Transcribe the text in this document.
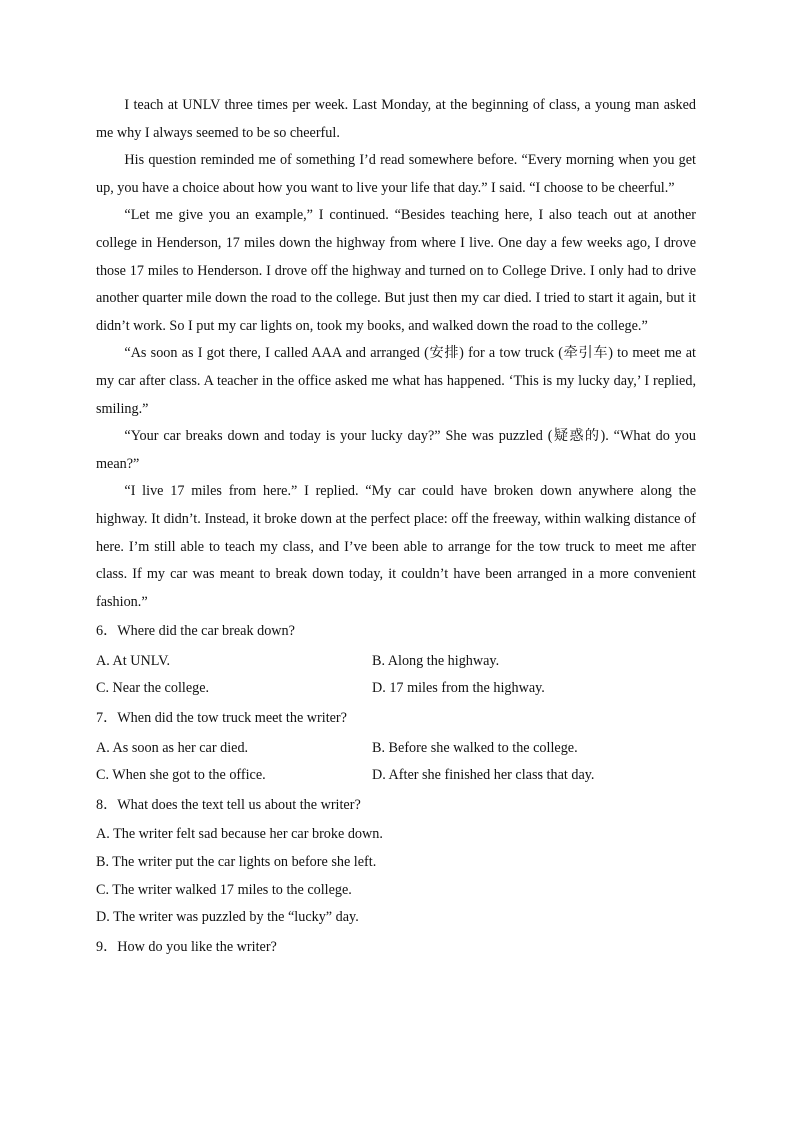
I teach at UNLV three times per week. Last Monday, at the beginning of class, a young man asked me why I always seemed to be so cheerful.

His question reminded me of something I’d read somewhere before. “Every morning when you get up, you have a choice about how you want to live your life that day.” I said. “I choose to be cheerful.”

“Let me give you an example,” I continued. “Besides teaching here, I also teach out at another college in Henderson, 17 miles down the highway from where I live. One day a few weeks ago, I drove those 17 miles to Henderson. I drove off the highway and turned on to College Drive. I only had to drive another quarter mile down the road to the college. But just then my car died. I tried to start it again, but it didn’t work. So I put my car lights on, took my books, and walked down the road to the college.”

“As soon as I got there, I called AAA and arranged (安排) for a tow truck (牵引车) to meet me at my car after class. A teacher in the office asked me what has happened. ‘This is my lucky day,’ I replied, smiling.”

“Your car breaks down and today is your lucky day?” She was puzzled (疑惑的). “What do you mean?”

“I live 17 miles from here.” I replied. “My car could have broken down anywhere along the highway. It didn’t. Instead, it broke down at the perfect place: off the freeway, within walking distance of here. I’m still able to teach my class, and I’ve been able to arrange for the tow truck to meet me after class. If my car was meant to break down today, it couldn’t have been arranged in a more convenient fashion.”

6．Where did the car break down?
A. At UNLV.	B. Along the highway.
C. Near the college.	D. 17 miles from the highway.
7．When did the tow truck meet the writer?
A. As soon as her car died.	B. Before she walked to the college.
C. When she got to the office.	D. After she finished her class that day.
8．What does the text tell us about the writer?
A. The writer felt sad because her car broke down.
B. The writer put the car lights on before she left.
C. The writer walked 17 miles to the college.
D. The writer was puzzled by the “lucky” day.
9．How do you like the writer?
